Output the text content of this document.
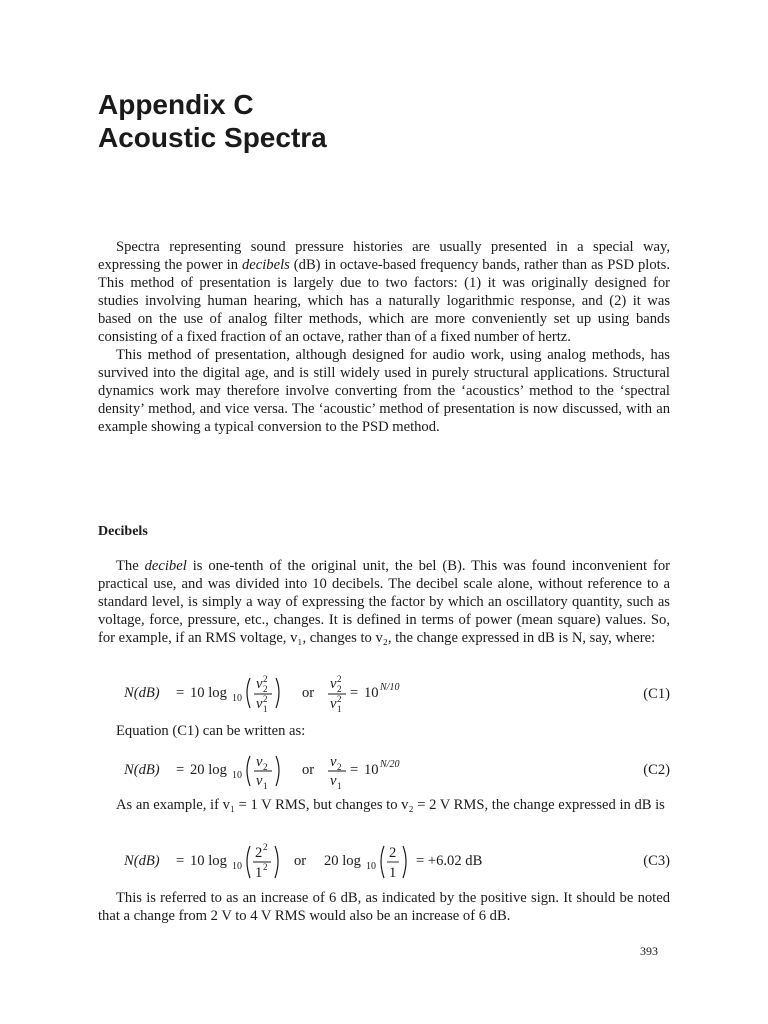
Appendix C
Acoustic Spectra

Spectra representing sound pressure histories are usually presented in a special way, expressing the power in decibels (dB) in octave-based frequency bands, rather than as PSD plots. This method of presentation is largely due to two factors: (1) it was originally designed for studies involving human hearing, which has a naturally logarithmic response, and (2) it was based on the use of analog filter methods, which are more conveniently set up using bands consisting of a fixed fraction of an octave, rather than of a fixed number of hertz.

This method of presentation, although designed for audio work, using analog methods, has survived into the digital age, and is still widely used in purely structural applications. Structural dynamics work may therefore involve converting from the ‘acoustics’ method to the ‘spectral density’ method, and vice versa. The ‘acoustic’ method of presentation is now discussed, with an example showing a typical conversion to the PSD method.

Decibels

The decibel is one-tenth of the original unit, the bel (B). This was found inconvenient for practical use, and was divided into 10 decibels. The decibel scale alone, without reference to a standard level, is simply a way of expressing the factor by which an oscillatory quantity, such as voltage, force, pressure, etc., changes. It is defined in terms of power (mean square) values. So, for example, if an RMS voltage, v₁, changes to v₂, the change expressed in dB is N, say, where:

N(dB) = 10 log 10
v 2
2
v 2
1
or
v 2
2
v 2
1
= 10 N/10	(C1)

Equation (C1) can be written as:

N(dB) = 20 log 10
v 2
v 1
or v 2
v 1
= 10 N/20	(C2)

As an example, if v₁ = 1 V RMS, but changes to v₂ = 2 V RMS, the change expressed in dB is

N(dB) = 10 log 10
2 2
1 2 or 20 log 10
2
1
= +6.02 dB	(C3)

This is referred to as an increase of 6 dB, as indicated by the positive sign. It should be noted that a change from 2 V to 4 V RMS would also be an increase of 6 dB.

393
